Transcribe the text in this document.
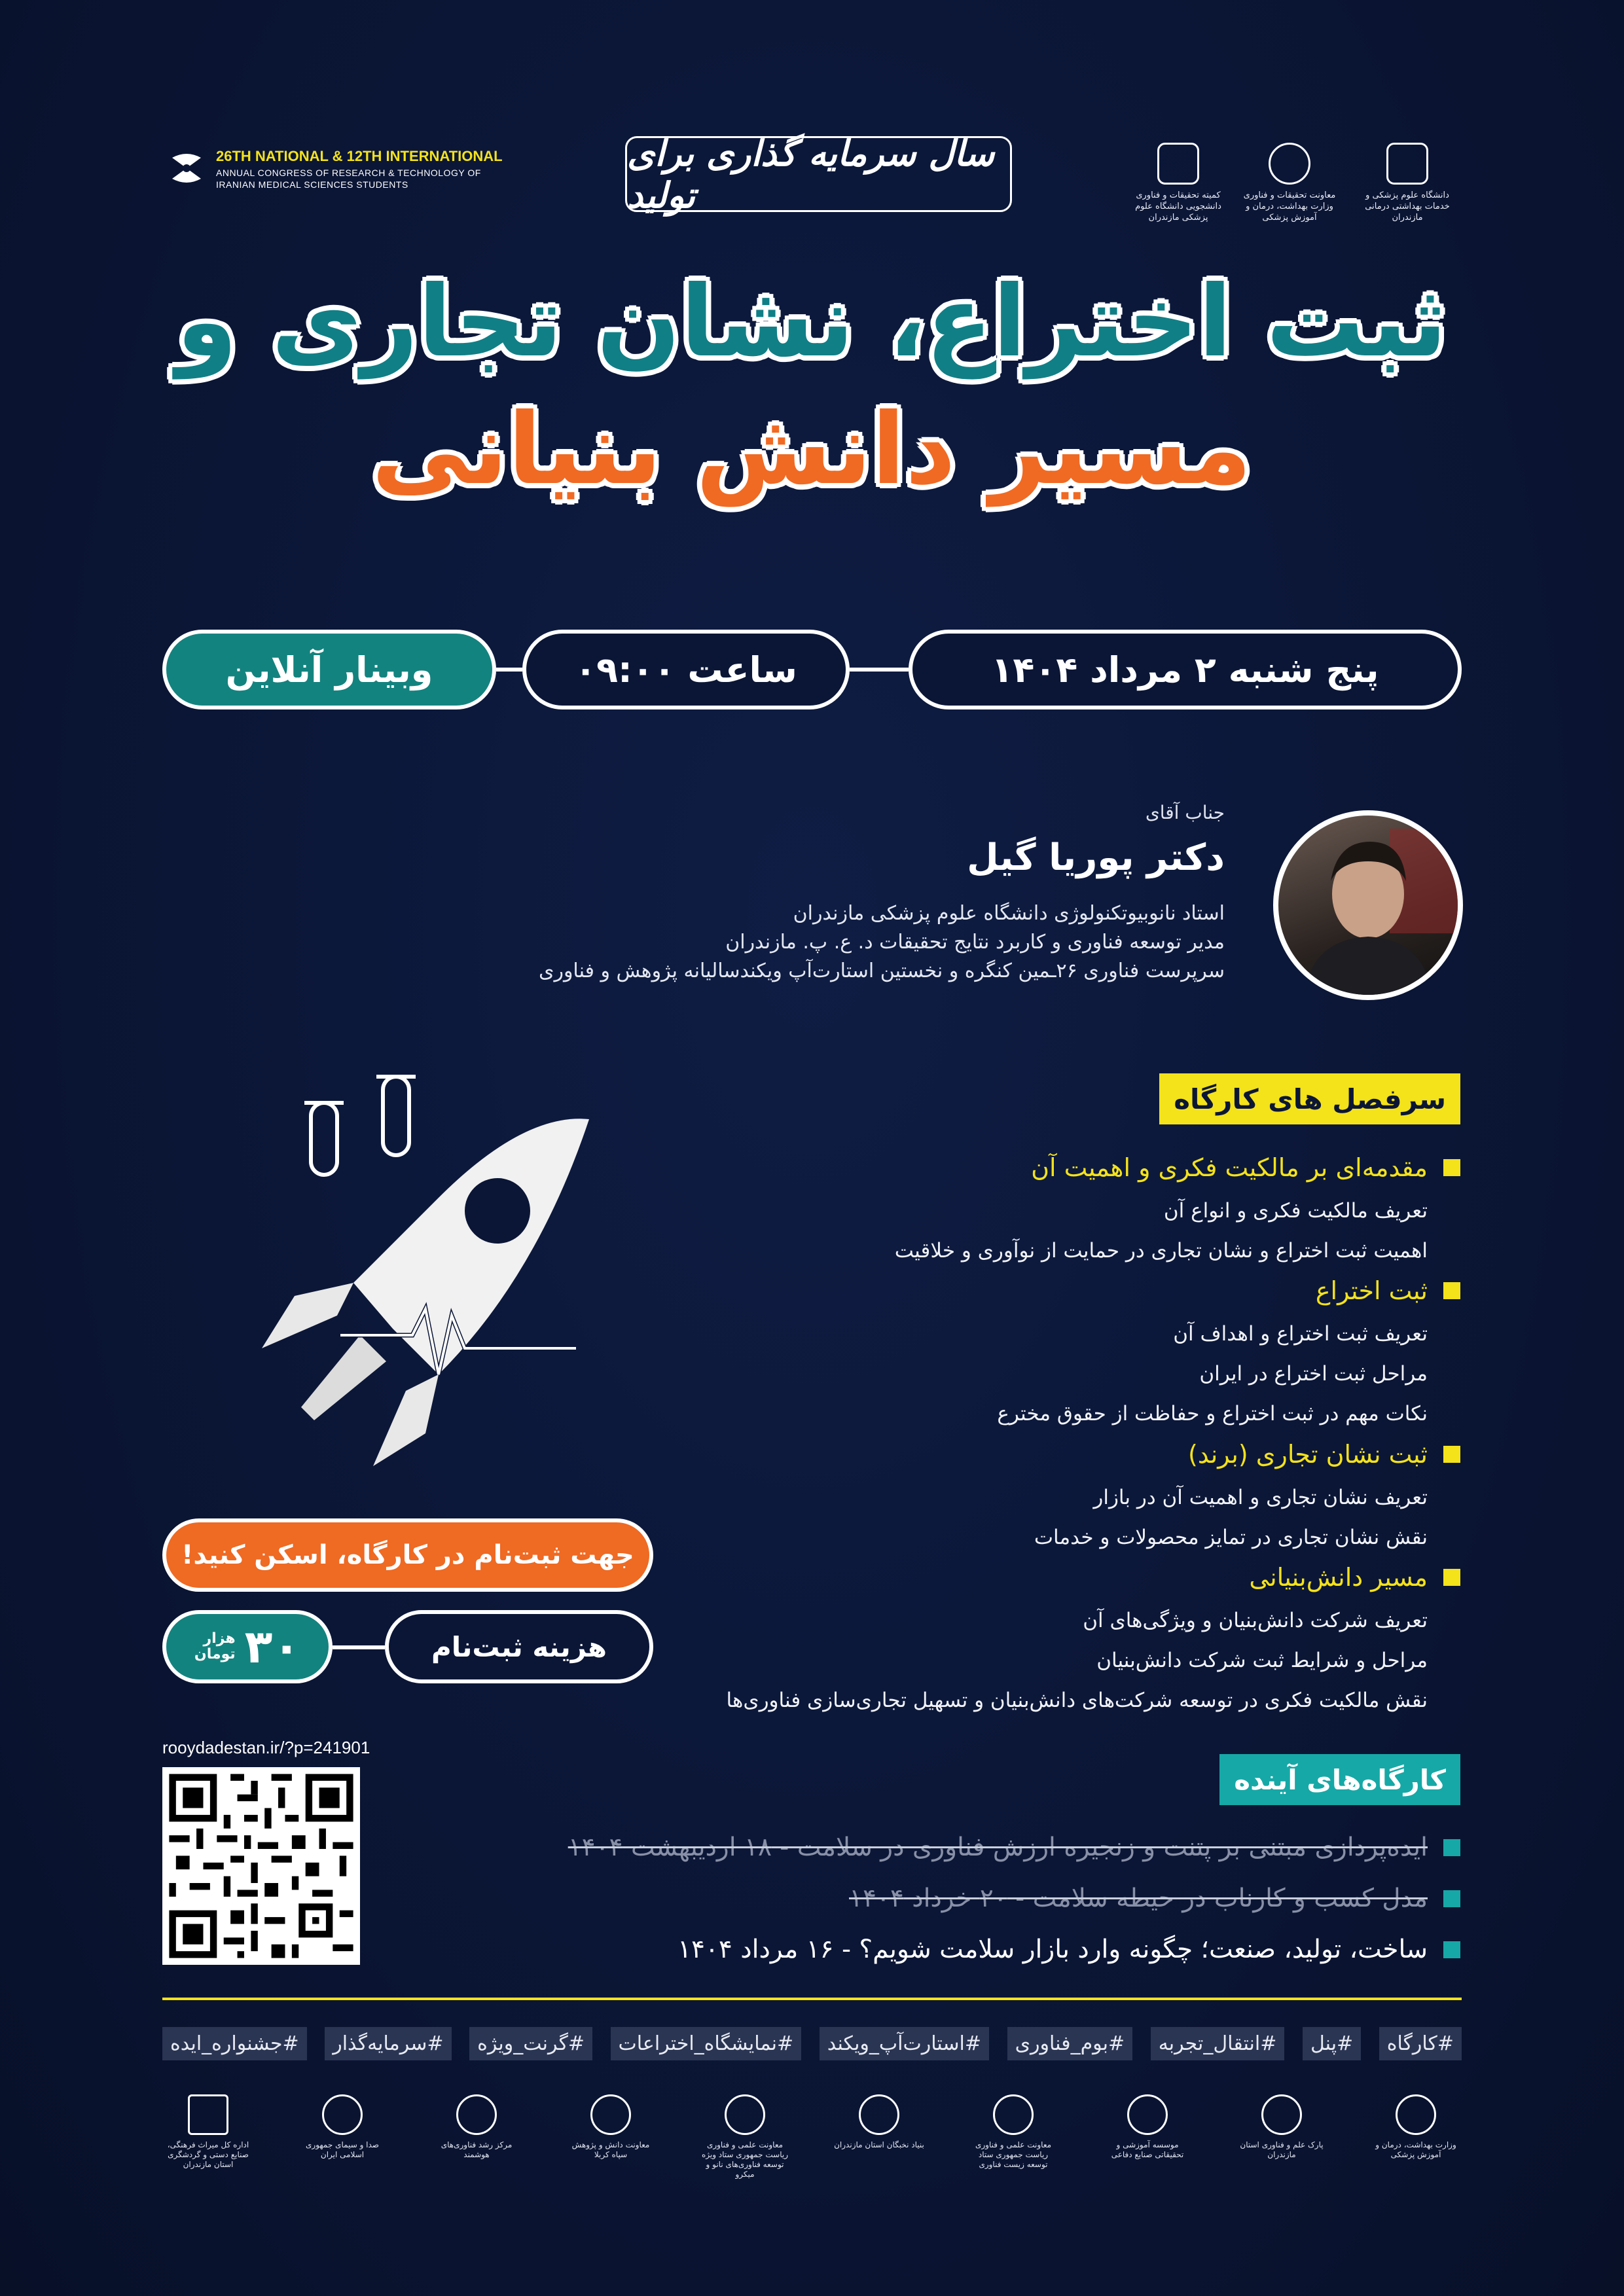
26TH NATIONAL & 12TH INTERNATIONAL
ANNUAL CONGRESS OF RESEARCH & TECHNOLOGY OF
IRANIAN MEDICAL SCIENCES STUDENTS
سال سرمایه گذاری برای تولید	کمیته تحقیقات و فناوری دانشجویی دانشگاه علوم پزشکی مازندران
معاونت تحقیقات و فناوری وزارت بهداشت، درمان و آموزش پزشکی
دانشگاه علوم پزشکی و خدمات بهداشتی درمانی مازندران
ثبت اختراع، نشان تجاری و
مسیر دانش بنیانی
وبینار آنلاین	ساعت ۰۹:۰۰	پنج شنبه ۲ مرداد ۱۴۰۴
جناب آقای
دکتر پوریا گیل
استاد نانوبیوتکنولوژی دانشگاه علوم پزشکی مازندران
مدیر توسعه فناوری و کاربرد نتایج تحقیقات د. ع. پ. مازندران
سرپرست فناوری ۲۶ـمین کنگره و نخستین استارت‌آپ ویکندسالیانه پژوهش و فناوری
سرفصل های کارگاه
مقدمه‌ای بر مالکیت فکری و اهمیت آن
تعریف مالکیت فکری و انواع آن
اهمیت ثبت اختراع و نشان تجاری در حمایت از نوآوری و خلاقیت
ثبت اختراع
تعریف ثبت اختراع و اهداف آن
مراحل ثبت اختراع در ایران
نکات مهم در ثبت اختراع و حفاظت از حقوق مخترع
ثبت نشان تجاری (برند)
تعریف نشان تجاری و اهمیت آن در بازار
نقش نشان تجاری در تمایز محصولات و خدمات
مسیر دانش‌بنیانی
تعریف شرکت دانش‌بنیان و ویژگی‌های آن
مراحل و شرایط ثبت شرکت دانش‌بنیان
نقش مالکیت فکری در توسعه شرکت‌های دانش‌بنیان و تسهیل تجاری‌سازی فناوری‌ها
جهت ثبت‌نام در کارگاه، اسکن کنید!
۳۰
هزار
تومان	هزینه ثبت‌نام
rooydadestan.ir/?p=241901
کارگاه‌های آینده
ایده‌پردازی مبتنی بر پتنت و زنجیره ارزش فناوری در سلامت - ۱۸ اردیبهشت ۱۴۰۴
مدل کسب و کارناب در حیطه سلامت - ۲۰ خرداد ۱۴۰۴
ساخت، تولید، صنعت؛ چگونه وارد بازار سلامت شویم؟ - ۱۶ مرداد ۱۴۰۴
#کارگاه
#پنل
#انتقال_تجربه
#بوم_فناوری
#استارت‌آپ_ویکند
#نمایشگاه_اختراعات
#گرنت_ویژه
#سرمایه‌گذار
#جشنواره_ایده
وزارت بهداشت، درمان و آموزش پزشکی
پارک علم و فناوری استان مازندران
موسسه آموزشی و تحقیقاتی صنایع دفاعی
معاونت علمی و فناوری ریاست جمهوری ستاد توسعه زیست فناوری
بنیاد نخبگان استان مازندران
معاونت علمی و فناوری ریاست جمهوری ستاد ویژه توسعه فناوری‌های نانو و میکرو
معاونت دانش و پژوهش سپاه کربلا
مرکز رشد فناوری‌های هوشمند
صدا و سیمای جمهوری اسلامی ایران
اداره کل میراث فرهنگی، صنایع دستی و گردشگری استان مازندران
